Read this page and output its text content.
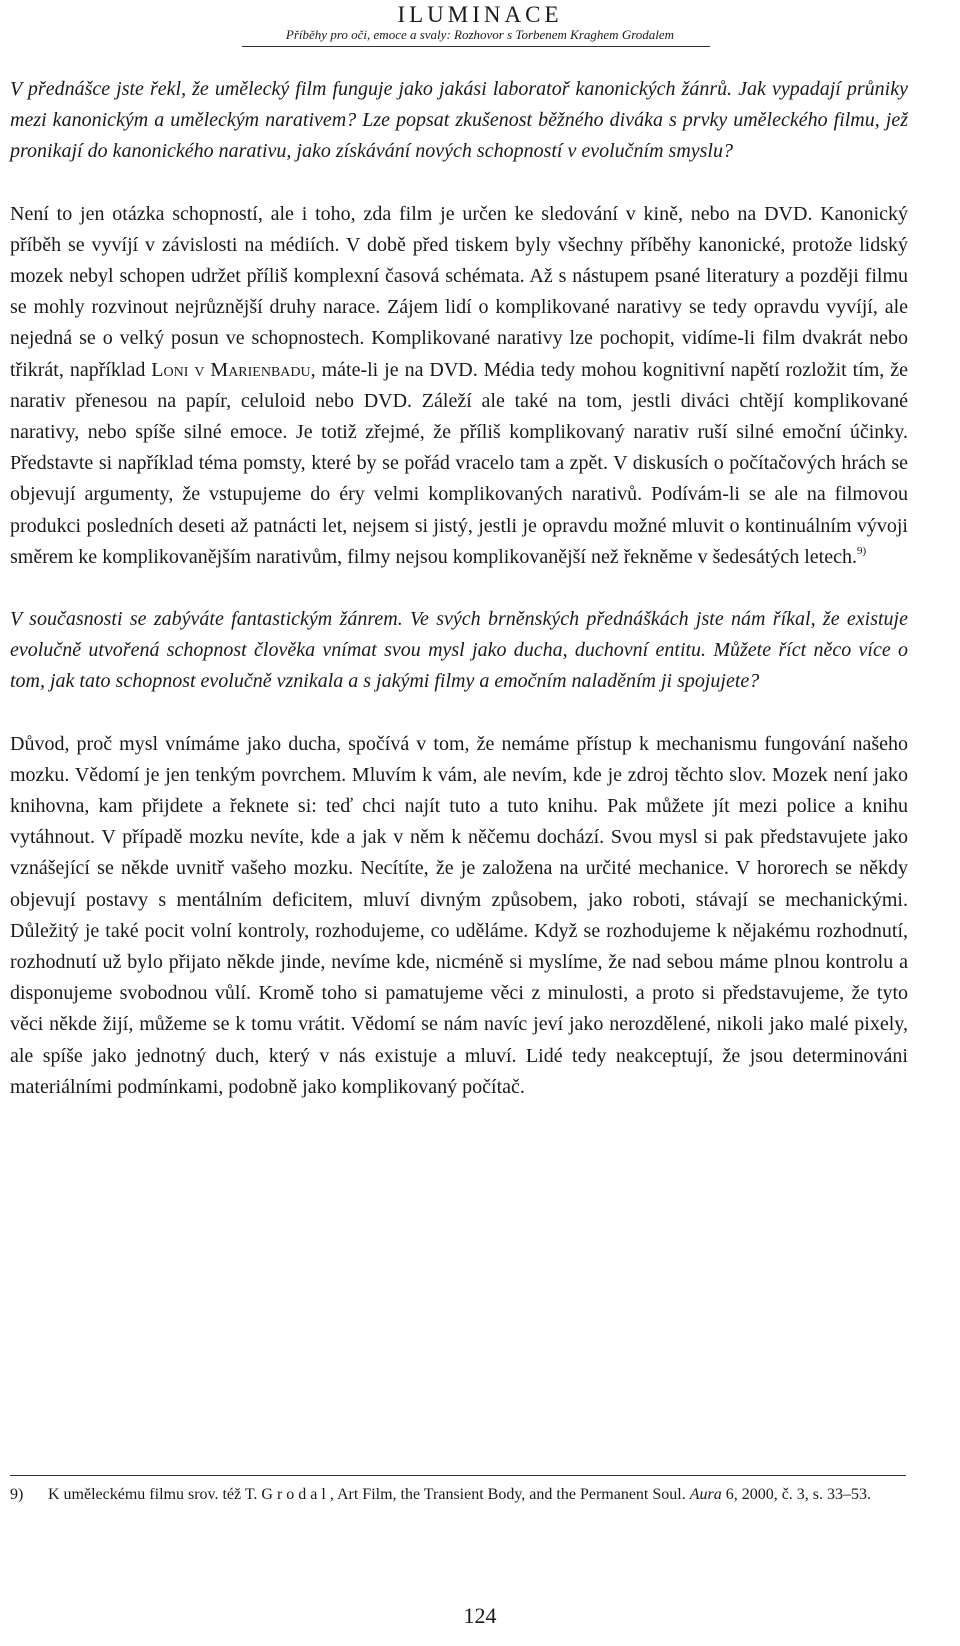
ILUMINACE
Příběhy pro oči, emoce a svaly: Rozhovor s Torbenem Kraghem Grodalem

V přednášce jste řekl, že umělecký film funguje jako jakási laboratoř kanonických žánrů. Jak vypadají průniky mezi kanonickým a uměleckým narativem? Lze popsat zkušenost běžného diváka s prvky uměleckého filmu, jež pronikají do kanonického narativu, jako získávání nových schopností v evolučním smyslu?

Není to jen otázka schopností, ale i toho, zda film je určen ke sledování v kině, nebo na DVD. Kanonický příběh se vyvíjí v závislosti na médiích. V době před tiskem byly všechny příběhy kanonické, protože lidský mozek nebyl schopen udržet příliš komplexní časová schémata. Až s nástupem psané literatury a později filmu se mohly rozvinout nejrůznější druhy narace. Zájem lidí o komplikované narativy se tedy opravdu vyvíjí, ale nejedná se o velký posun ve schopnostech. Komplikované narativy lze pochopit, vidíme-li film dvakrát nebo třikrát, například Loni v Marienbadu, máte-li je na DVD. Média tedy mohou kognitivní napětí rozložit tím, že narativ přenesou na papír, celuloid nebo DVD. Záleží ale také na tom, jestli diváci chtějí komplikované narativy, nebo spíše silné emoce. Je totiž zřejmé, že příliš komplikovaný narativ ruší silné emoční účinky. Představte si například téma pomsty, které by se pořád vracelo tam a zpět. V diskusích o počítačových hrách se objevují argumenty, že vstupujeme do éry velmi komplikovaných narativů. Podívám-li se ale na filmovou produkci posledních deseti až patnácti let, nejsem si jistý, jestli je opravdu možné mluvit o kontinuálním vývoji směrem ke komplikovanějším narativům, filmy nejsou komplikovanější než řekněme v šedesátých letech.$^{9)}$

V současnosti se zabýváte fantastickým žánrem. Ve svých brněnských přednáškách jste nám říkal, že existuje evolučně utvořená schopnost člověka vnímat svou mysl jako ducha, duchovní entitu. Můžete říct něco více o tom, jak tato schopnost evolučně vznikala a s jakými filmy a emočním naladěním ji spojujete?

Důvod, proč mysl vnímáme jako ducha, spočívá v tom, že nemáme přístup k mechanismu fungování našeho mozku. Vědomí je jen tenkým povrchem. Mluvím k vám, ale nevím, kde je zdroj těchto slov. Mozek není jako knihovna, kam přijdete a řeknete si: teď chci najít tuto a tuto knihu. Pak můžete jít mezi police a knihu vytáhnout. V případě mozku nevíte, kde a jak v něm k něčemu dochází. Svou mysl si pak představujete jako vznášející se někde uvnitř vašeho mozku. Necítíte, že je založena na určité mechanice. V hororech se někdy objevují postavy s mentálním deficitem, mluví divným způsobem, jako roboti, stávají se mechanickými. Důležitý je také pocit volní kontroly, rozhodujeme, co uděláme. Když se rozhodujeme k nějakému rozhodnutí, rozhodnutí už bylo přijato někde jinde, nevíme kde, nicméně si myslíme, že nad sebou máme plnou kontrolu a disponujeme svobodnou vůlí. Kromě toho si pamatujeme věci z minulosti, a proto si představujeme, že tyto věci někde žijí, můžeme se k tomu vrátit. Vědomí se nám navíc jeví jako nerozdělené, nikoli jako malé pixely, ale spíše jako jednotný duch, který v nás existuje a mluví. Lidé tedy neakceptují, že jsou determinováni materiálními podmínkami, podobně jako komplikovaný počítač.

9) K uměleckému filmu srov. též T. Grodal, Art Film, the Transient Body, and the Permanent Soul. Aura 6, 2000, č. 3, s. 33–53.
124
